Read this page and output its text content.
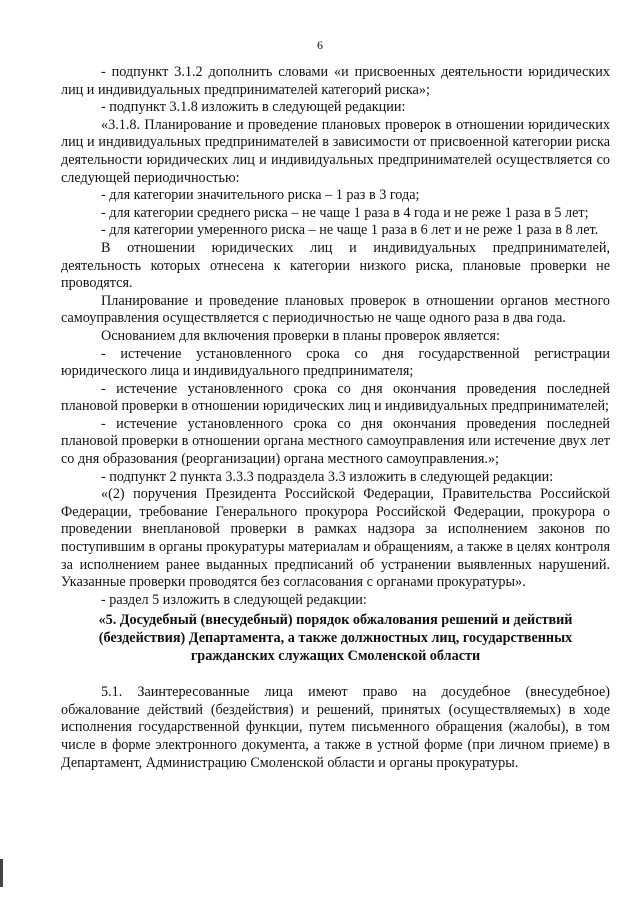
6

- подпункт 3.1.2 дополнить словами «и присвоенных деятельности юридических лиц и индивидуальных предпринимателей категорий риска»;

- подпункт 3.1.8 изложить в следующей редакции:

«3.1.8. Планирование и проведение плановых проверок в отношении юридических лиц и индивидуальных предпринимателей в зависимости от присвоенной категории риска деятельности юридических лиц и индивидуальных предпринимателей осуществляется со следующей периодичностью:

- для категории значительного риска – 1 раз в 3 года;

- для категории среднего риска – не чаще 1 раза в 4 года и не реже 1 раза в 5 лет;

- для категории умеренного риска – не чаще 1 раза в 6 лет и не реже 1 раза в 8 лет.

В отношении юридических лиц и индивидуальных предпринимателей, деятельность которых отнесена к категории низкого риска, плановые проверки не проводятся.

Планирование и проведение плановых проверок в отношении органов местного самоуправления осуществляется с периодичностью не чаще одного раза в два года.

Основанием для включения проверки в планы проверок является:

- истечение установленного срока со дня государственной регистрации юридического лица и индивидуального предпринимателя;

- истечение установленного срока со дня окончания проведения последней плановой проверки в отношении юридических лиц и индивидуальных предпринимателей;

- истечение установленного срока со дня окончания проведения последней плановой проверки в отношении органа местного самоуправления или истечение двух лет со дня образования (реорганизации) органа местного самоуправления.»;

- подпункт 2 пункта 3.3.3 подраздела 3.3 изложить в следующей редакции:

«(2) поручения Президента Российской Федерации, Правительства Российской Федерации, требование Генерального прокурора Российской Федерации, прокурора о проведении внеплановой проверки в рамках надзора за исполнением законов по поступившим в органы прокуратуры материалам и обращениям, а также в целях контроля за исполнением ранее выданных предписаний об устранении выявленных нарушений. Указанные проверки проводятся без согласования с органами прокуратуры».

- раздел 5 изложить в следующей редакции:

«5. Досудебный (внесудебный) порядок обжалования решений и действий (бездействия) Департамента, а также должностных лиц, государственных гражданских служащих Смоленской области

5.1. Заинтересованные лица имеют право на досудебное (внесудебное) обжалование действий (бездействия) и решений, принятых (осуществляемых) в ходе исполнения государственной функции, путем письменного обращения (жалобы), в том числе в форме электронного документа, а также в устной форме (при личном приеме) в Департамент, Администрацию Смоленской области и органы прокуратуры.
